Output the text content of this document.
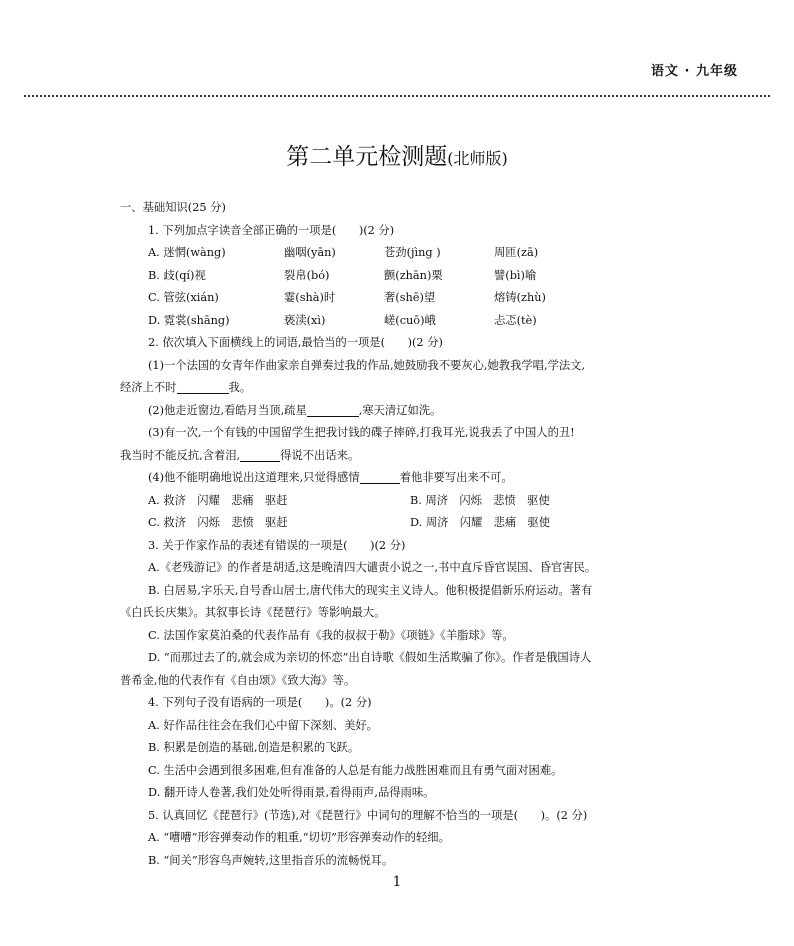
语文 · 九年级
第二单元检测题(北师版)
一、基础知识(25 分)
1. 下列加点字读音全部正确的一项是(　　)(2 分)
A. 迷惘(wàng)	幽咽(yān)	苍劲(jìng )	周匝(zā)
B. 歧(qí)视	裂帛(bó)	颤(zhān)栗	譬(bì)喻
C. 管弦(xián)	霎(shà)时	奢(shē)望	熔铸(zhù)
D. 霓裳(shāng)	亵渎(xì)	嵯(cuō)峨	忐忑(tè)
2. 依次填入下面横线上的词语,最恰当的一项是(　　)(2 分)
(1)一个法国的女青年作曲家亲自弹奏过我的作品,她鼓励我不要灰心,她教我学唱,学法文,
经济上不时	我。
(2)他走近窗边,看皓月当顶,疏星	,寒天清辽如洗。
(3)有一次,一个有钱的中国留学生把我讨钱的碟子摔碎,打我耳光,说我丢了中国人的丑!
我当时不能反抗,含着泪,	得说不出话来。
(4)他不能明确地说出这道理来,只觉得感情	着他非要写出来不可。
A. 救济　闪耀　悲痛　驱赶	B. 周济　闪烁　悲愤　驱使
C. 救济　闪烁　悲愤　驱赶	D. 周济　闪耀　悲痛　驱使
3. 关于作家作品的表述有错误的一项是(　　)(2 分)
A.《老残游记》的作者是胡适,这是晚清四大谴责小说之一,书中直斥昏官误国、昏官害民。
B. 白居易,字乐天,自号香山居士,唐代伟大的现实主义诗人。他积极提倡新乐府运动。著有
《白氏长庆集》。其叙事长诗《琵琶行》等影响最大。
C. 法国作家莫泊桑的代表作品有《我的叔叔于勒》《项链》《羊脂球》等。
D. “而那过去了的,就会成为亲切的怀恋”出自诗歌《假如生活欺骗了你》。作者是俄国诗人
普希金,他的代表作有《自由颂》《致大海》等。
4. 下列句子没有语病的一项是(　　)。(2 分)
A. 好作品往往会在我们心中留下深刻、美好。
B. 积累是创造的基础,创造是积累的飞跃。
C. 生活中会遇到很多困难,但有准备的人总是有能力战胜困难而且有勇气面对困难。
D. 翻开诗人卷著,我们处处听得雨景,看得雨声,品得雨味。
5. 认真回忆《琵琶行》(节选),对《琵琶行》中词句的理解不恰当的一项是(　　)。(2 分)
A. “嘈嘈”形容弹奏动作的粗重,“切切”形容弹奏动作的轻细。
B. “间关”形容鸟声婉转,这里指音乐的流畅悦耳。
1
